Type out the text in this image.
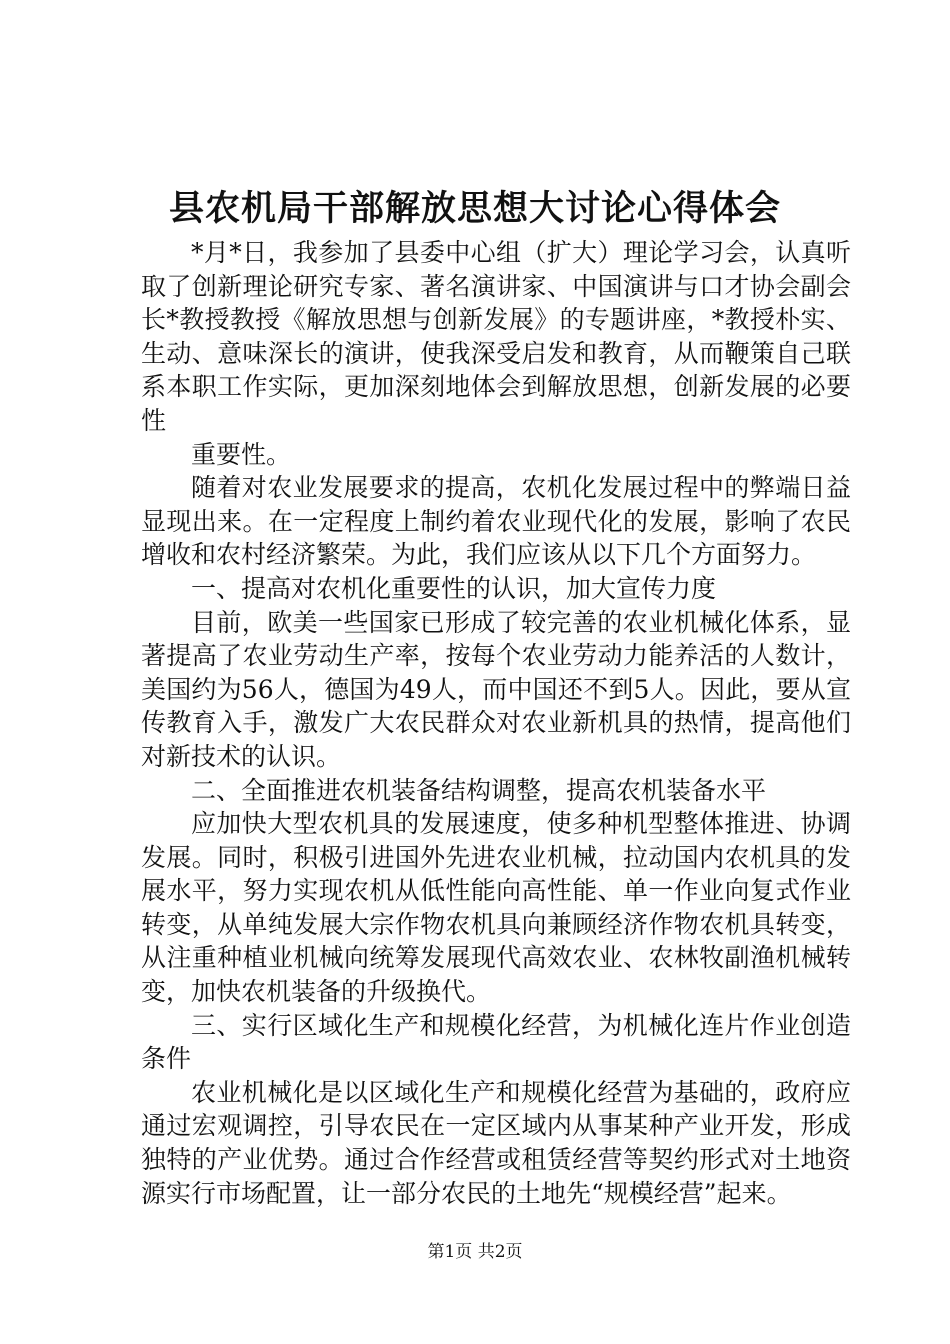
县农机局干部解放思想大讨论心得体会

*月*日，我参加了县委中心组（扩大）理论学习会，认真听取了创新理论研究专家、著名演讲家、中国演讲与口才协会副会长*教授教授《解放思想与创新发展》的专题讲座，*教授朴实、生动、意味深长的演讲，使我深受启发和教育，从而鞭策自己联系本职工作实际，更加深刻地体会到解放思想，创新发展的必要性

重要性。

随着对农业发展要求的提高，农机化发展过程中的弊端日益显现出来。在一定程度上制约着农业现代化的发展，影响了农民增收和农村经济繁荣。为此，我们应该从以下几个方面努力。

一、提高对农机化重要性的认识，加大宣传力度

目前，欧美一些国家已形成了较完善的农业机械化体系，显著提高了农业劳动生产率，按每个农业劳动力能养活的人数计，美国约为56人，德国为49人，而中国还不到5人。因此，要从宣传教育入手，激发广大农民群众对农业新机具的热情，提高他们对新技术的认识。

二、全面推进农机装备结构调整，提高农机装备水平

应加快大型农机具的发展速度，使多种机型整体推进、协调发展。同时，积极引进国外先进农业机械，拉动国内农机具的发展水平，努力实现农机从低性能向高性能、单一作业向复式作业转变，从单纯发展大宗作物农机具向兼顾经济作物农机具转变，从注重种植业机械向统筹发展现代高效农业、农林牧副渔机械转变，加快农机装备的升级换代。

三、实行区域化生产和规模化经营，为机械化连片作业创造条件

农业机械化是以区域化生产和规模化经营为基础的，政府应通过宏观调控，引导农民在一定区域内从事某种产业开发，形成独特的产业优势。通过合作经营或租赁经营等契约形式对土地资源实行市场配置，让一部分农民的土地先“规模经营”起来。

第1页 共2页
